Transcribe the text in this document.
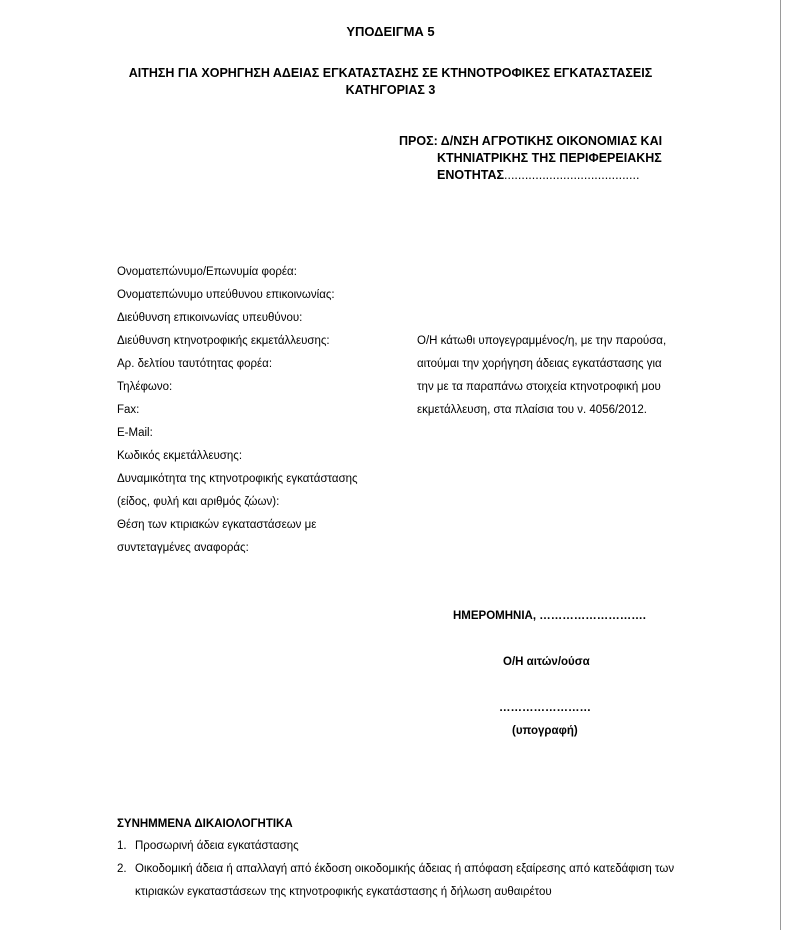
ΥΠΟΔΕΙΓΜΑ 5
ΑΙΤΗΣΗ ΓΙΑ ΧΟΡΗΓΗΣΗ ΑΔΕΙΑΣ ΕΓΚΑΤΑΣΤΑΣΗΣ ΣΕ ΚΤΗΝΟΤΡΟΦΙΚΕΣ ΕΓΚΑΤΑΣΤΑΣΕΙΣ
ΚΑΤΗΓΟΡΙΑΣ 3
ΠΡΟΣ: Δ/ΝΣΗ ΑΓΡΟΤΙΚΗΣ ΟΙΚΟΝΟΜΙΑΣ ΚΑΙ
ΚΤΗΝΙΑΤΡΙΚΗΣ ΤΗΣ ΠΕΡΙΦΕΡΕΙΑΚΗΣ
ΕΝΟΤΗΤΑΣ.......................................
Ονοματεπώνυμο/Επωνυμία φορέα:
Ονοματεπώνυμο υπεύθυνου επικοινωνίας:
Διεύθυνση επικοινωνίας υπευθύνου:
Διεύθυνση κτηνοτροφικής εκμετάλλευσης:
Αρ. δελτίου ταυτότητας φορέα:
Τηλέφωνο:
Fax:
E-Mail:
Κωδικός εκμετάλλευσης:
Δυναμικότητα της κτηνοτροφικής εγκατάστασης
(είδος, φυλή και αριθμός ζώων):
Θέση των κτιριακών εγκαταστάσεων με
συντεταγμένες αναφοράς:
Ο/Η κάτωθι υπογεγραμμένος/η, με την παρούσα,
αιτούμαι την χορήγηση άδειας εγκατάστασης για
την με τα παραπάνω στοιχεία κτηνοτροφική μου
εκμετάλλευση, στα πλαίσια του ν. 4056/2012.
ΗΜΕΡΟΜΗΝΙΑ, ……………………….
Ο/Η αιτών/ούσα
……………………
(υπογραφή)
ΣΥΝΗΜΜΕΝΑ ΔΙΚΑΙΟΛΟΓΗΤΙΚΑ
1. Προσωρινή άδεια εγκατάστασης
2. Οικοδομική άδεια ή απαλλαγή από έκδοση οικοδομικής άδειας ή απόφαση εξαίρεσης από κατεδάφιση των
κτιριακών εγκαταστάσεων της κτηνοτροφικής εγκατάστασης ή δήλωση αυθαιρέτου
